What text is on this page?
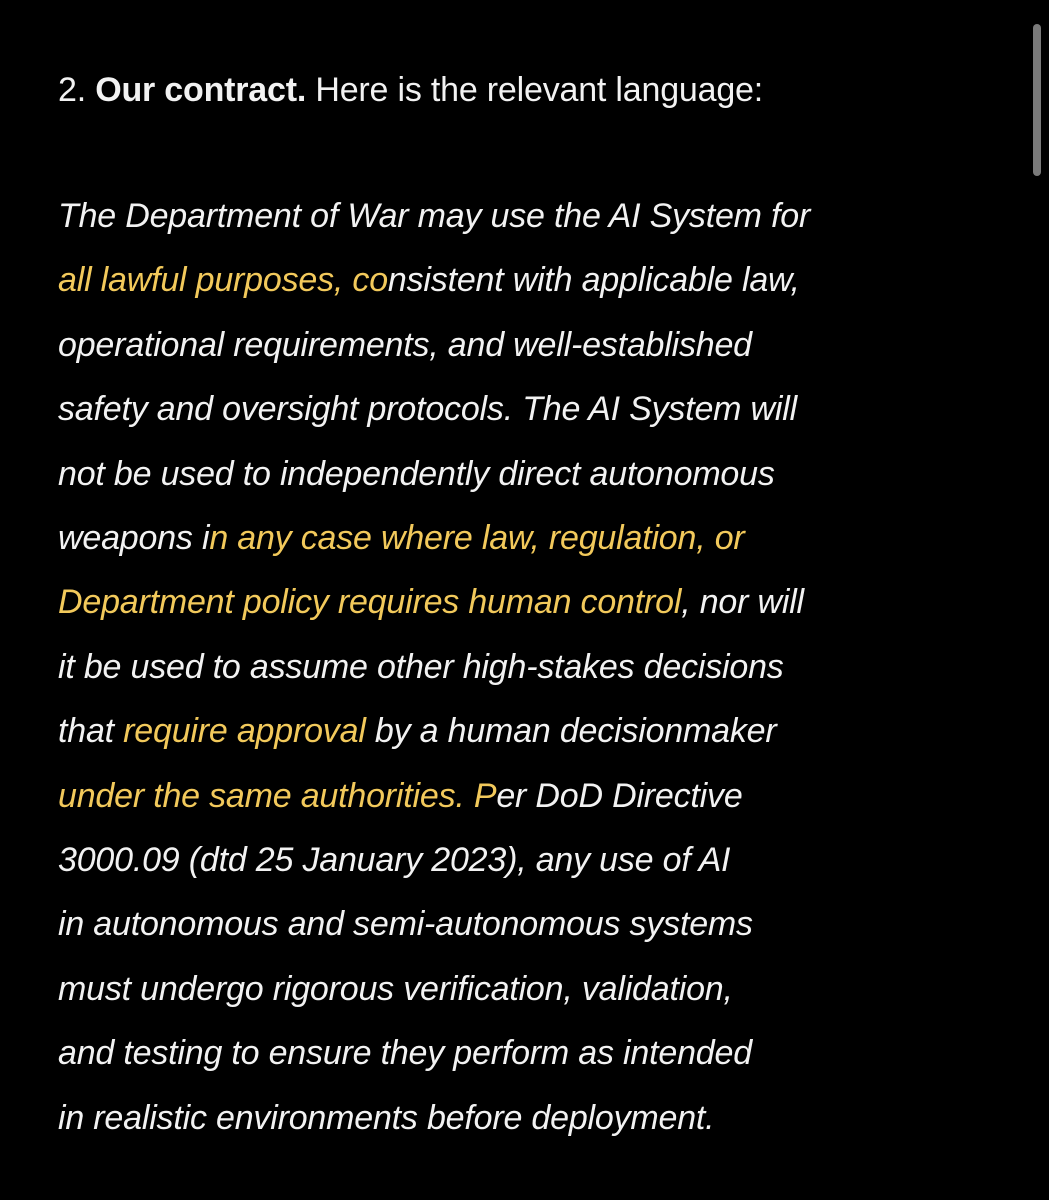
2. Our contract. Here is the relevant language:
The Department of War may use the AI System for
all lawful purposes, consistent with applicable law,
operational requirements, and well-established
safety and oversight protocols. The AI System will
not be used to independently direct autonomous
weapons in any case where law, regulation, or
Department policy requires human control, nor will
it be used to assume other high-stakes decisions
that require approval by a human decisionmaker
under the same authorities. Per DoD Directive
3000.09 (dtd 25 January 2023), any use of AI
in autonomous and semi-autonomous systems
must undergo rigorous verification, validation,
and testing to ensure they perform as intended
in realistic environments before deployment.
